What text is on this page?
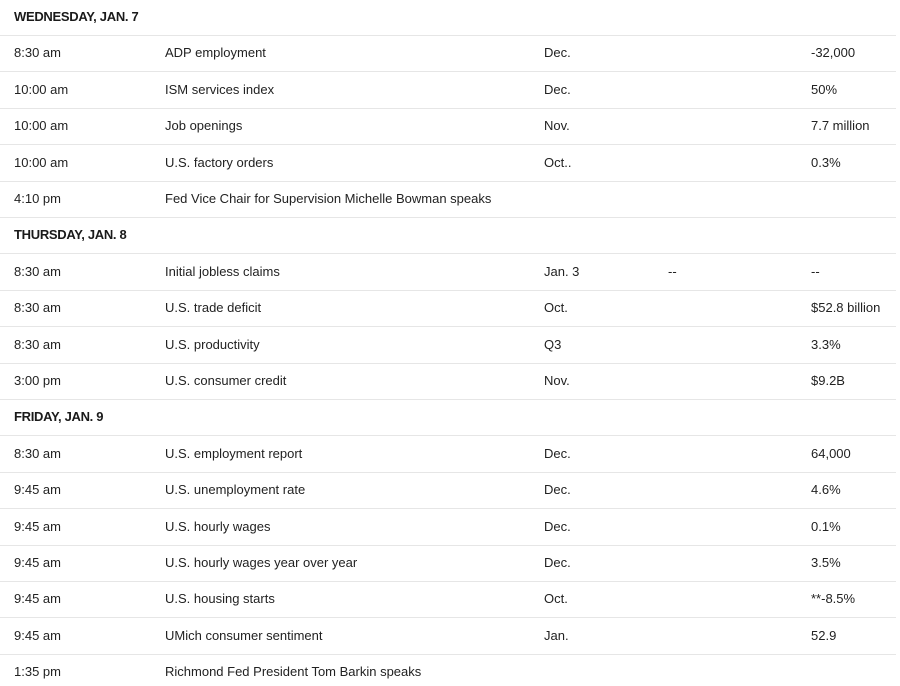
WEDNESDAY, JAN. 7
8:30 am	ADP employment	Dec.	-32,000
10:00 am	ISM services index	Dec.	50%
10:00 am	Job openings	Nov.	7.7 million
10:00 am	U.S. factory orders	Oct..	0.3%
4:10 pm	Fed Vice Chair for Supervision Michelle Bowman speaks
THURSDAY, JAN. 8
8:30 am	Initial jobless claims	Jan. 3	--	--
8:30 am	U.S. trade deficit	Oct.	$52.8 billion
8:30 am	U.S. productivity	Q3	3.3%
3:00 pm	U.S. consumer credit	Nov.	$9.2B
FRIDAY, JAN. 9
8:30 am	U.S. employment report	Dec.	64,000
9:45 am	U.S. unemployment rate	Dec.	4.6%
9:45 am	U.S. hourly wages	Dec.	0.1%
9:45 am	U.S. hourly wages year over year	Dec.	3.5%
9:45 am	U.S. housing starts	Oct.	**-8.5%
9:45 am	UMich consumer sentiment	Jan.	52.9
1:35 pm	Richmond Fed President Tom Barkin speaks
